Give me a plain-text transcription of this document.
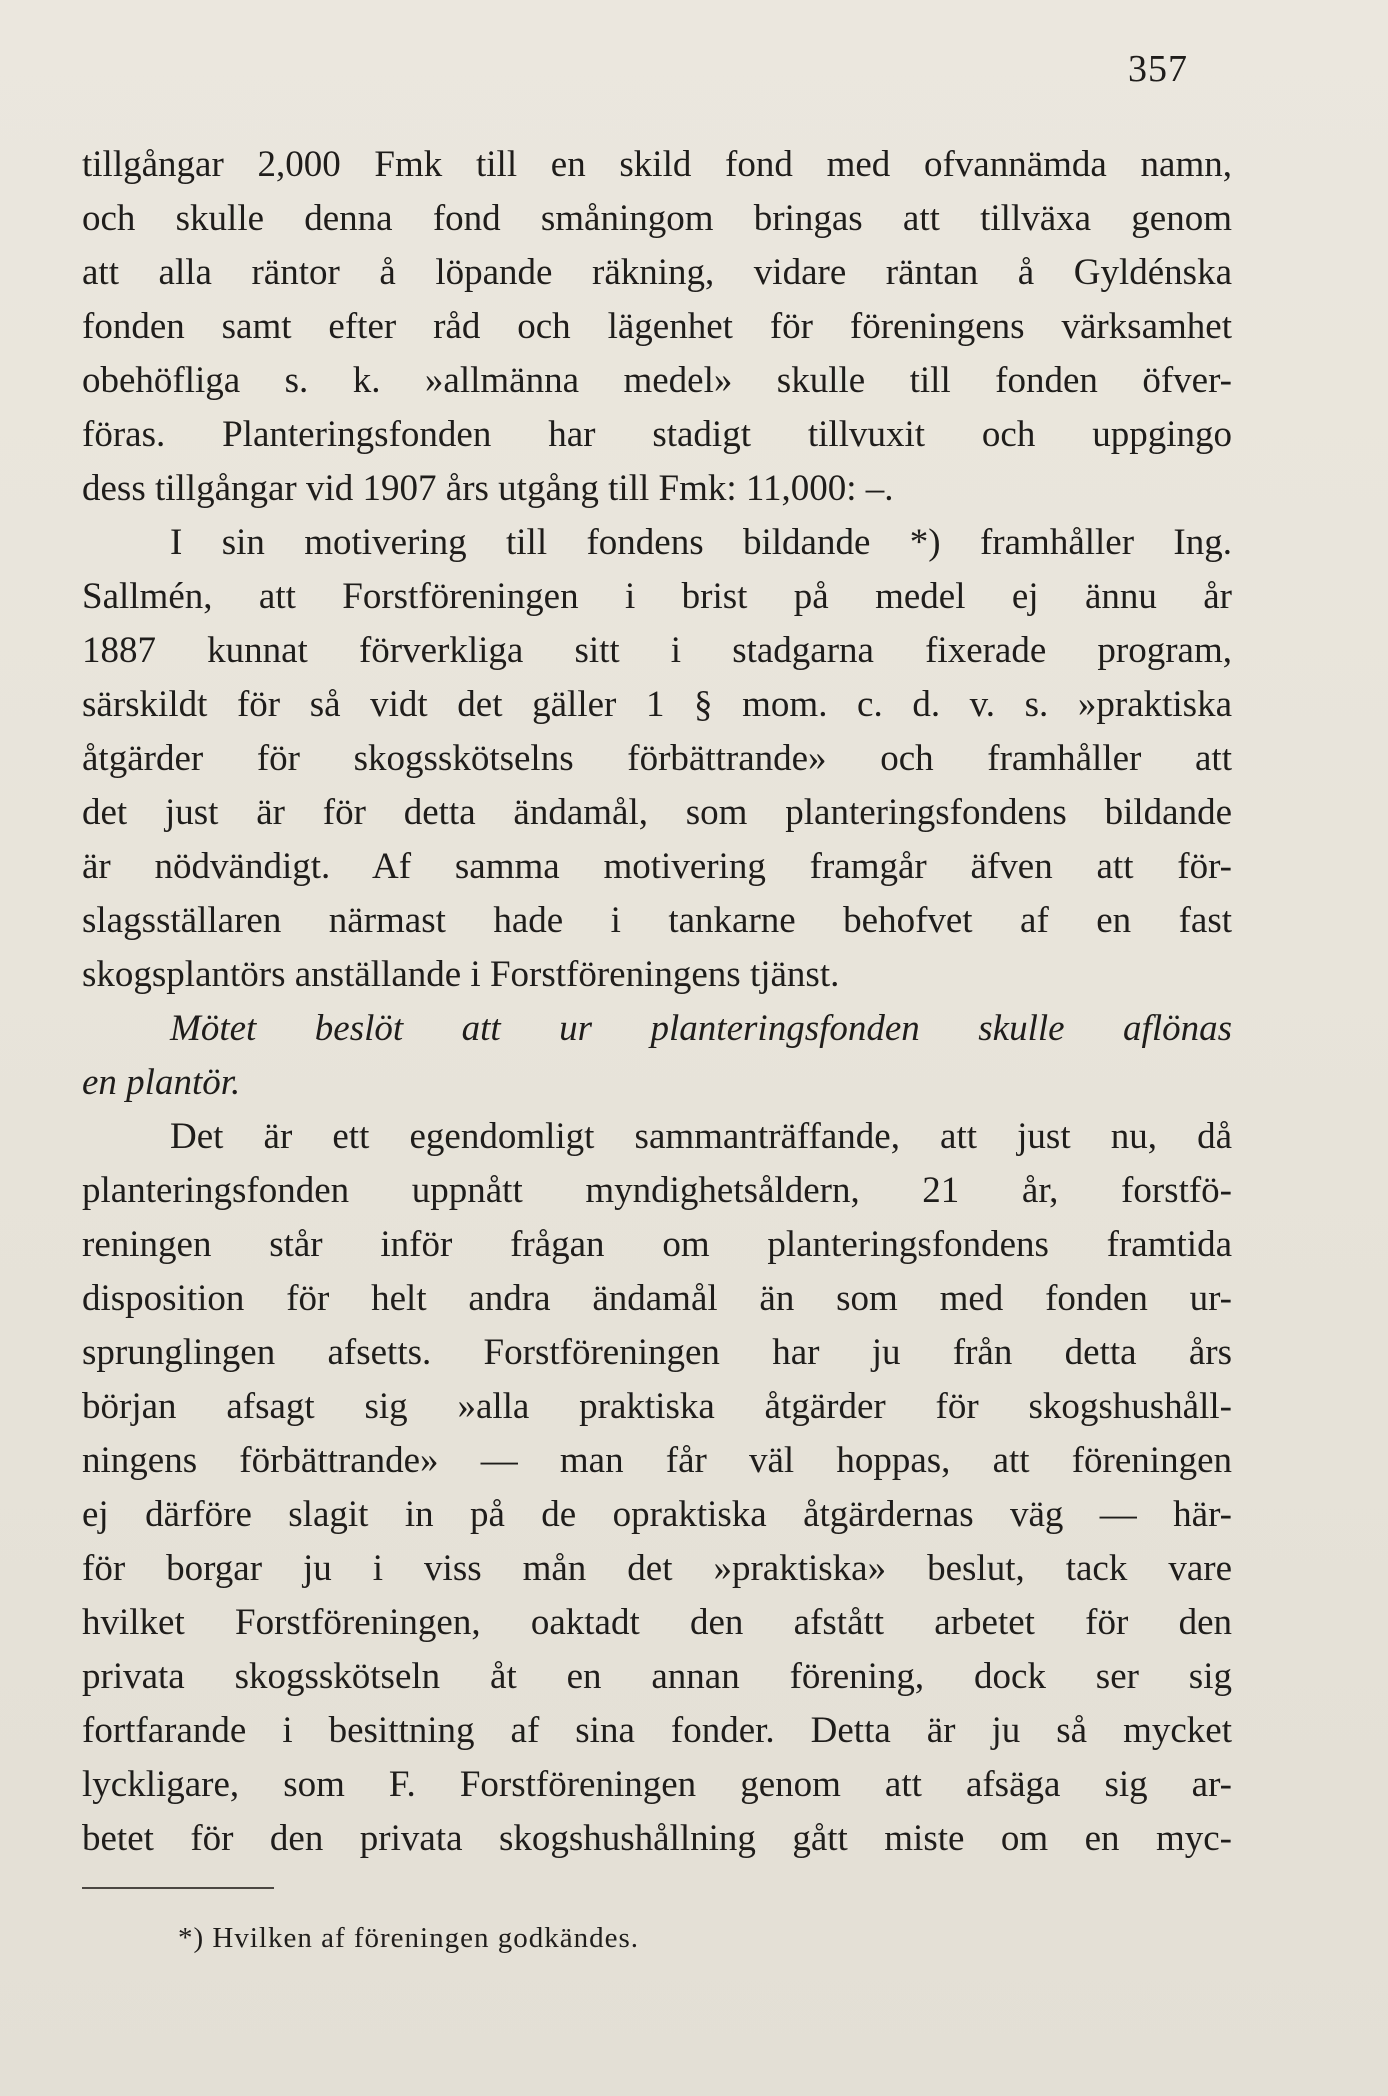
357
tillgångar 2,000 Fmk till en skild fond med ofvannämda namn,
och skulle denna fond småningom bringas att tillväxa genom
att alla räntor å löpande räkning, vidare räntan å Gyldénska
fonden samt efter råd och lägenhet för föreningens värksamhet
obehöfliga s. k. »allmänna medel» skulle till fonden öfver-
föras. Planteringsfonden har stadigt tillvuxit och uppgingo
dess tillgångar vid 1907 års utgång till Fmk: 11,000: –.
I sin motivering till fondens bildande *) framhåller Ing.
Sallmén, att Forstföreningen i brist på medel ej ännu år
1887 kunnat förverkliga sitt i stadgarna fixerade program,
särskildt för så vidt det gäller 1 § mom. c. d. v. s. »praktiska
åtgärder för skogsskötselns förbättrande» och framhåller att
det just är för detta ändamål, som planteringsfondens bildande
är nödvändigt. Af samma motivering framgår äfven att för-
slagsställaren närmast hade i tankarne behofvet af en fast
skogsplantörs anställande i Forstföreningens tjänst.
Mötet beslöt att ur planteringsfonden skulle aflönas
en plantör.
Det är ett egendomligt sammanträffande, att just nu, då
planteringsfonden uppnått myndighetsåldern, 21 år, forstfö-
reningen står inför frågan om planteringsfondens framtida
disposition för helt andra ändamål än som med fonden ur-
sprunglingen afsetts. Forstföreningen har ju från detta års
början afsagt sig »alla praktiska åtgärder för skogshushåll-
ningens förbättrande» — man får väl hoppas, att föreningen
ej därföre slagit in på de opraktiska åtgärdernas väg — här-
för borgar ju i viss mån det »praktiska» beslut, tack vare
hvilket Forstföreningen, oaktadt den afstått arbetet för den
privata skogsskötseln åt en annan förening, dock ser sig
fortfarande i besittning af sina fonder. Detta är ju så mycket
lyckligare, som F. Forstföreningen genom att afsäga sig ar-
betet för den privata skogshushållning gått miste om en myc-
*) Hvilken af föreningen godkändes.
